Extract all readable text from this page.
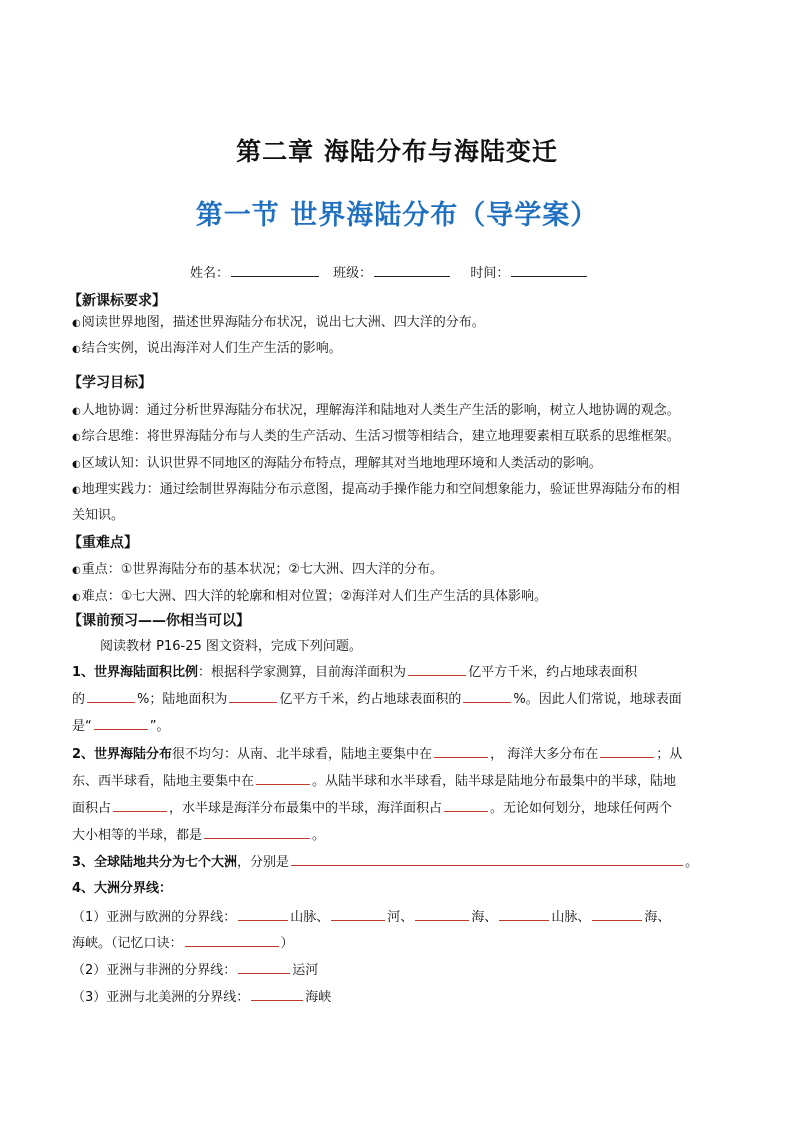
第二章 海陆分布与海陆变迁
第一节 世界海陆分布（导学案）
姓名：	班级：	时间：
【新课标要求】
◐阅读世界地图，描述世界海陆分布状况，说出七大洲、四大洋的分布。
◐结合实例，说出海洋对人们生产生活的影响。
【学习目标】
◐人地协调：通过分析世界海陆分布状况，理解海洋和陆地对人类生产生活的影响，树立人地协调的观念。
◐综合思维：将世界海陆分布与人类的生产活动、生活习惯等相结合，建立地理要素相互联系的思维框架。
◐区域认知：认识世界不同地区的海陆分布特点，理解其对当地地理环境和人类活动的影响。
◐地理实践力：通过绘制世界海陆分布示意图，提高动手操作能力和空间想象能力，验证世界海陆分布的相
关知识。
【重难点】
◐重点：①世界海陆分布的基本状况；②七大洲、四大洋的分布。
◐难点：①七大洲、四大洋的轮廓和相对位置；②海洋对人们生产生活的具体影响。
【课前预习——你相当可以】
阅读教材 P16-25 图文资料，完成下列问题。
1、世界海陆面积比例：根据科学家测算，目前海洋面积为	亿平方千米，约占地球表面积
的	%；陆地面积为	亿平方千米，约占地球表面积的	%。因此人们常说，地球表面
是“	”。
2、世界海陆分布很不均匀：从南、北半球看，陆地主要集中在	， 海洋大多分布在	；从
东、西半球看，陆地主要集中在	。从陆半球和水半球看，陆半球是陆地分布最集中的半球，陆地
面积占	，水半球是海洋分布最集中的半球，海洋面积占	。无论如何划分，地球任何两个
大小相等的半球，都是	。
3、全球陆地共分为七个大洲，分别是	。
4、大洲分界线：
（1）亚洲与欧洲的分界线：	山脉、	河、	海、	山脉、	海、
海峡。（记忆口诀：	）
（2）亚洲与非洲的分界线：	运河
（3）亚洲与北美洲的分界线：	海峡
